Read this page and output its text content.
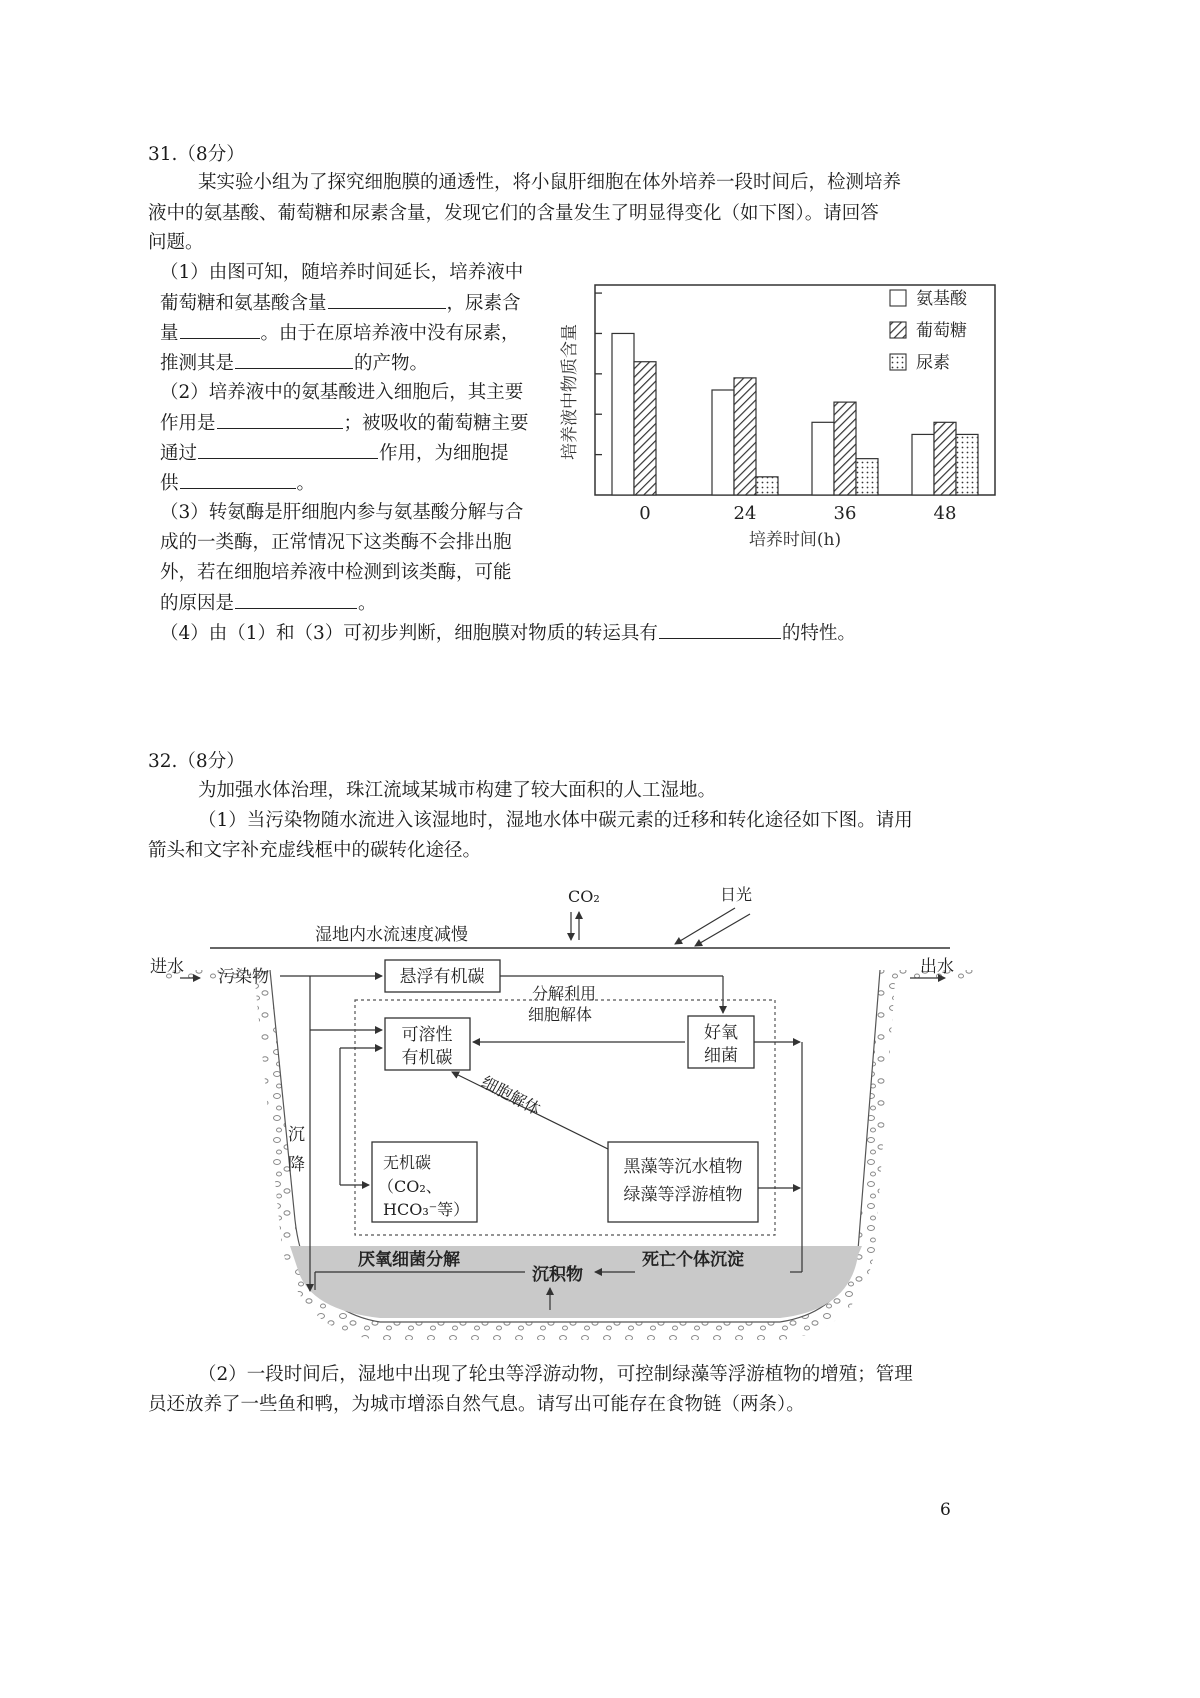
31.（8分）
某实验小组为了探究细胞膜的通透性，将小鼠肝细胞在体外培养一段时间后，检测培养
液中的氨基酸、葡萄糖和尿素含量，发现它们的含量发生了明显得变化（如下图）。请回答
问题。
（1）由图可知，随培养时间延长，培养液中
葡萄糖和氨基酸含量	，尿素含
量	。由于在原培养液中没有尿素，
推测其是	的产物。
（2）培养液中的氨基酸进入细胞后，其主要
作用是	；被吸收的葡萄糖主要
通过	作用，为细胞提
供	。
（3）转氨酶是肝细胞内参与氨基酸分解与合
成的一类酶，正常情况下这类酶不会排出胞
外，若在细胞培养液中检测到该类酶，可能
的原因是	。
（4）由（1）和（3）可初步判断，细胞膜对物质的转运具有	的特性。
0	24	36	48
氨基酸
葡萄糖
尿素
培养液中物质含量
培养时间(h)
32.（8分）
为加强水体治理，珠江流域某城市构建了较大面积的人工湿地。
（1）当污染物随水流进入该湿地时，湿地水体中碳元素的迁移和转化途径如下图。请用
箭头和文字补充虚线框中的碳转化途径。
CO₂	日光
湿地内水流速度减慢
进水	出水
污染物	悬浮有机碳
分解利用
沉
降
可溶性
有机碳
细胞解体
好氧
细菌
细胞解体
无机碳
（CO₂、
HCO₃⁻等）
黑藻等沉水植物
绿藻等浮游植物
厌氧细菌分解
沉积物
死亡个体沉淀
（2）一段时间后，湿地中出现了轮虫等浮游动物，可控制绿藻等浮游植物的增殖；管理
员还放养了一些鱼和鸭，为城市增添自然气息。请写出可能存在食物链（两条）。
6
